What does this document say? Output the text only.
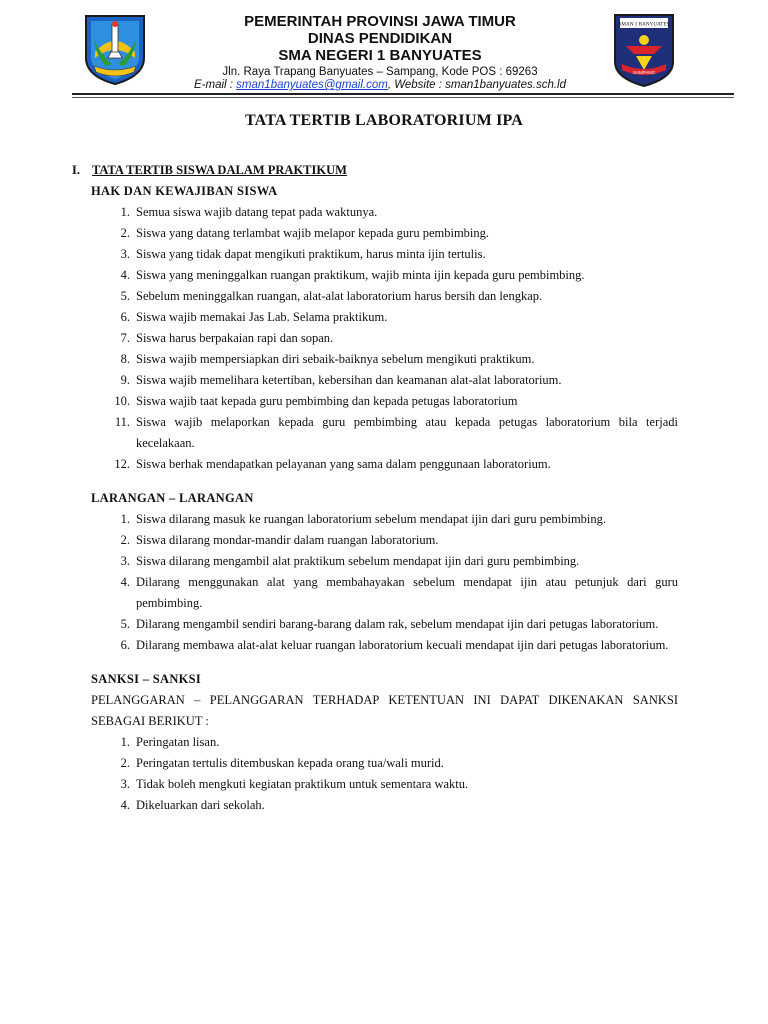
PEMERINTAH PROVINSI JAWA TIMUR
DINAS PENDIDIKAN
SMA NEGERI 1 BANYUATES
Jln. Raya Trapang Banyuates – Sampang, Kode POS : 69263
E-mail : sman1banyuates@gmail.com, Website : sman1banyuates.sch.ld
SMAN 1 BANYUATES
SAMPANG
TATA TERTIB LABORATORIUM IPA
I. TATA TERTIB SISWA DALAM PRAKTIKUM
HAK DAN KEWAJIBAN SISWA
1. Semua siswa wajib datang tepat pada waktunya.
2. Siswa yang datang terlambat wajib melapor kepada guru pembimbing.
3. Siswa yang tidak dapat mengikuti praktikum, harus minta ijin tertulis.
4. Siswa yang meninggalkan ruangan praktikum, wajib minta ijin kepada guru pembimbing.
5. Sebelum meninggalkan ruangan, alat-alat laboratorium harus bersih dan lengkap.
6. Siswa wajib memakai Jas Lab. Selama praktikum.
7. Siswa harus berpakaian rapi dan sopan.
8. Siswa wajib mempersiapkan diri sebaik-baiknya sebelum mengikuti praktikum.
9. Siswa wajib memelihara ketertiban, kebersihan dan keamanan alat-alat laboratorium.
10. Siswa wajib taat kepada guru pembimbing dan kepada petugas laboratorium
11. Siswa wajib melaporkan kepada guru pembimbing atau kepada petugas laboratorium bila terjadi kecelakaan.
12. Siswa berhak mendapatkan pelayanan yang sama dalam penggunaan laboratorium.
LARANGAN – LARANGAN
1. Siswa dilarang masuk ke ruangan laboratorium sebelum mendapat ijin dari guru pembimbing.
2. Siswa dilarang mondar-mandir dalam ruangan laboratorium.
3. Siswa dilarang mengambil alat praktikum sebelum mendapat ijin dari guru pembimbing.
4. Dilarang menggunakan alat yang membahayakan sebelum mendapat ijin atau petunjuk dari guru pembimbing.
5. Dilarang mengambil sendiri barang-barang dalam rak, sebelum mendapat ijin dari petugas laboratorium.
6. Dilarang membawa alat-alat keluar ruangan laboratorium kecuali mendapat ijin dari petugas laboratorium.
SANKSI – SANKSI
PELANGGARAN – PELANGGARAN TERHADAP KETENTUAN INI DAPAT DIKENAKAN SANKSI SEBAGAI BERIKUT :
1. Peringatan lisan.
2. Peringatan tertulis ditembuskan kepada orang tua/wali murid.
3. Tidak boleh mengkuti kegiatan praktikum untuk sementara waktu.
4. Dikeluarkan dari sekolah.
